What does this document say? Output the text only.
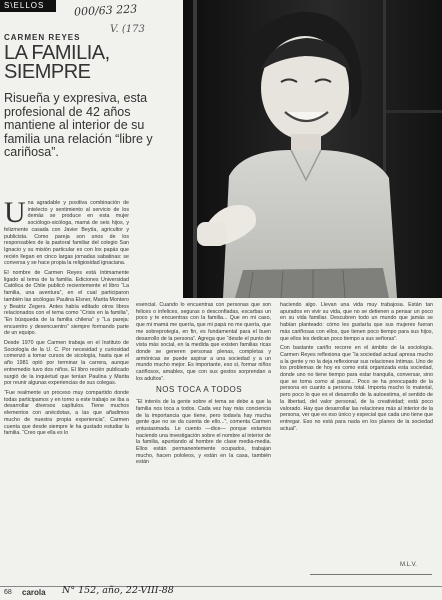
S\ELLOS	000/63 223
V. (173
CARMEN REYES
LA FAMILIA,
SIEMPRE
Risueña y expresiva, esta profesional de 42 años mantiene al interior de su familia una relación “libre y cariñosa”.

Una agradable y positiva combinación de intelecto y sentimiento al servicio de los demás se produce en esta mujer sociólogo-sicóloga, mamá de seis hijos, y felizmente casada con Javier Beytía, agricultor y publicista. Como pareja son unos de los responsables de la pastoral familiar del colegio San Ignacio y su misión particular es con los papás que recién llegan en cinco largas jornadas sabatinas: se conversa y se hace propia la religiosidad ignaciana.

El nombre de Carmen Reyes está íntimamente ligado al tema de la familia. Ediciones Universidad Católica de Chile publicó recientemente el libro “La familia, una aventura”, en el cual participaron también las sicólogas Paulina Elsner, Marita Montero y Beatriz Zegers. Antes había editado otros libros relacionados con el tema como “Crisis en la familia”, “En búsqueda de la familia chilena” y “La pareja: encuentro y desencuentro” siempre formando parte de un equipo.

Desde 1970 que Carmen trabaja en el Instituto de Sociología de la U. C. Por necesidad y curiosidad comenzó a tomar cursos de sicología, hasta que el año 1981 optó por terminar la carrera, aunque entremedio tuvo dos niños. El libro recién publicado surgió de la inquietud que tenían Paulina y Marita por reunir algunas experiencias de sus colegas.

“Fue realmente un proceso muy compartido donde todas participamos y en torno a este trabajo se iba a desarrollar diversos capítulos. Tiene muchos elementos con anécdotas, a las que añadimos mucho de nuestra propia experiencia”. Carmen cuenta que desde siempre le ha gustado estudiar la familia. “Creo que ella es lo

esencial. Cuando lo encuentras con personas que son felices o infelices, seguras o desconfiadas, escarbas un poco y te encuentras con la familia... Que en mi caso, que mi mamá me quería, que mi papá no me quería, que me sobreprotegía, en fin, es fundamental para el buen desarrollo de la persona”. Agrega que “desde el punto de vista más social, en la medida que existen familias ricas donde se generen personas plenas, completas y armónicas se puede aspirar a una sociedad y a un mundo mucho mejor. Es importante, eso sí, formar niños cariñosos, amables, que con sus gestos sorprendan a los adultos”.

NOS TOCA A TODOS

“El interés de la gente sobre el tema se debe a que la familia nos toca a todos. Cada vez hay más conciencia de la importancia que tiene, pero todavía hay mucha gente que no se da cuenta de ello...”, comenta Carmen entusiasmada. Le cuento —dice— porque estamos haciendo una investigación sobre el nombre al interior de la familia, apuntando al hombre de clase media-media. Ellos están permanentemente ocupados, trabajan mucho, hacen pololeos, y están en la casa, también están

haciendo algo. Llevan una vida muy trabajosa. Están tan apurados en vivir su vida, que no se detienen a pensar un poco en su vida familiar. Descubren todo un mundo que jamás se habían planteado: cómo les gustaría que sus mujeres fueran más cariñosas con ellos, que tienen poco tiempo para sus hijos, que ellos les dedican poco tiempo a sus señoras”.

Con bastante cariño recorre en el ámbito de la sociología. Carmen Reyes reflexiona que “la sociedad actual apresa mucho a la gente y no la deja reflexionar sus relaciones íntimas. Uno de los problemas de hoy es como está organizada esta sociedad, donde uno no tiene tiempo para estar tranquila, conversar, sino que se toma como al pasar... Poco se ha preocupado de la persona en cuanto a persona total. Importa mucho lo material, pero poco lo que es el desarrollo de la autoestima, el sentido de la libertad, del valor personal, de la creatividad; está poco valorado. Hay que desarrollar las relaciones más al interior de la persona, ver que es eso único y especial que cada uno tiene que entregar. Eso no está para nada en los planes de la sociedad actual”.

M.L.V.
68 carola N° 152, año, 22-VIII-88
